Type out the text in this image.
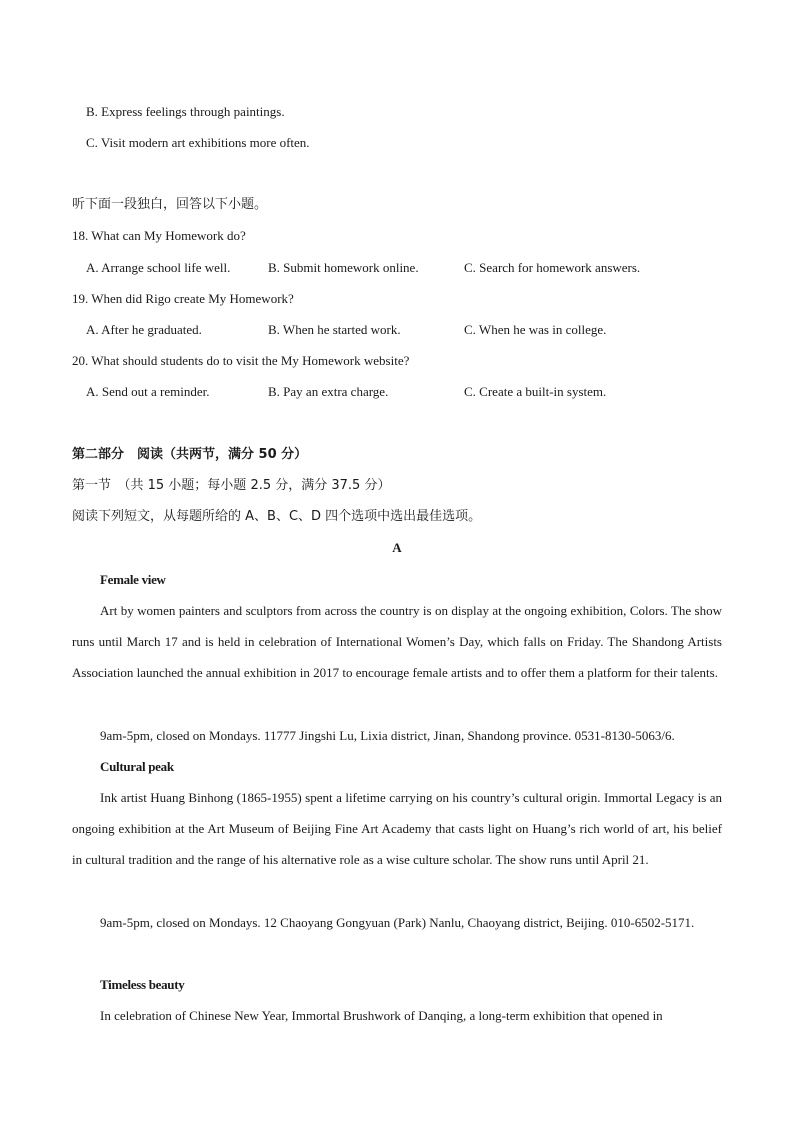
B. Express feelings through paintings.
C. Visit modern art exhibitions more often.
听下面一段独白，回答以下小题。
18. What can My Homework do?
A. Arrange school life well.	B. Submit homework online.	C. Search for homework answers.
19. When did Rigo create My Homework?
A. After he graduated.	B. When he started work.	C. When he was in college.
20. What should students do to visit the My Homework website?
A. Send out a reminder.	B. Pay an extra charge.	C. Create a built-in system.
第二部分　阅读（共两节，满分 50 分）
第一节　（共 15 小题；每小题 2.5 分，满分 37.5 分）
阅读下列短文，从每题所给的 A、B、C、D 四个选项中选出最佳选项。
A
Female view
Art by women painters and sculptors from across the country is on display at the ongoing exhibition, Colors. The show runs until March 17 and is held in celebration of International Women’s Day, which falls on Friday. The Shandong Artists Association launched the annual exhibition in 2017 to encourage female artists and to offer them a platform for their talents.
9am-5pm, closed on Mondays. 11777 Jingshi Lu, Lixia district, Jinan, Shandong province. 0531-8130-5063/6.
Cultural peak
Ink artist Huang Binhong (1865-1955) spent a lifetime carrying on his country’s cultural origin. Immortal Legacy is an ongoing exhibition at the Art Museum of Beijing Fine Art Academy that casts light on Huang’s rich world of art, his belief in cultural tradition and the range of his alternative role as a wise culture scholar. The show runs until April 21.
9am-5pm, closed on Mondays. 12 Chaoyang Gongyuan (Park) Nanlu, Chaoyang district, Beijing. 010-6502-5171.
Timeless beauty
In celebration of Chinese New Year, Immortal Brushwork of Danqing, a long-term exhibition that opened in
